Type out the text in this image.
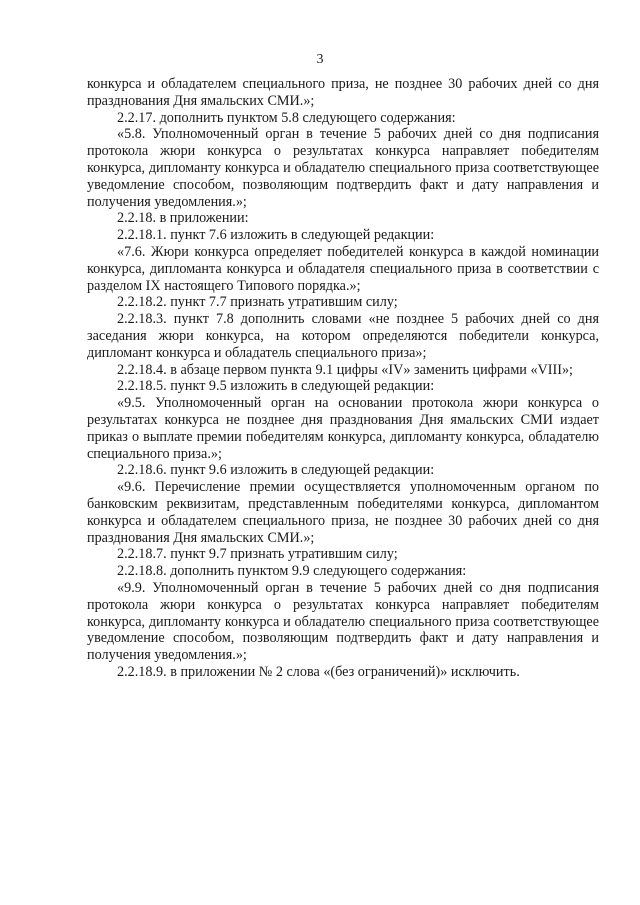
3

конкурса и обладателем специального приза, не позднее 30 рабочих дней со дня празднования Дня ямальских СМИ.»;

2.2.17. дополнить пунктом 5.8 следующего содержания:

«5.8. Уполномоченный орган в течение 5 рабочих дней со дня подписания протокола жюри конкурса о результатах конкурса направляет победителям конкурса, дипломанту конкурса и обладателю специального приза соответствующее уведомление способом, позволяющим подтвердить факт и дату направления и получения уведомления.»;

2.2.18. в приложении:

2.2.18.1. пункт 7.6 изложить в следующей редакции:

«7.6. Жюри конкурса определяет победителей конкурса в каждой номинации конкурса, дипломанта конкурса и обладателя специального приза в соответствии с разделом IX настоящего Типового порядка.»;

2.2.18.2. пункт 7.7 признать утратившим силу;

2.2.18.3. пункт 7.8 дополнить словами «не позднее 5 рабочих дней со дня заседания жюри конкурса, на котором определяются победители конкурса, дипломант конкурса и обладатель специального приза»;

2.2.18.4. в абзаце первом пункта 9.1 цифры «IV» заменить цифрами «VIII»;

2.2.18.5. пункт 9.5 изложить в следующей редакции:

«9.5. Уполномоченный орган на основании протокола жюри конкурса о результатах конкурса не позднее дня празднования Дня ямальских СМИ издает приказ о выплате премии победителям конкурса, дипломанту конкурса, обладателю специального приза.»;

2.2.18.6. пункт 9.6 изложить в следующей редакции:

«9.6. Перечисление премии осуществляется уполномоченным органом по банковским реквизитам, представленным победителями конкурса, дипломантом конкурса и обладателем специального приза, не позднее 30 рабочих дней со дня празднования Дня ямальских СМИ.»;

2.2.18.7. пункт 9.7 признать утратившим силу;

2.2.18.8. дополнить пунктом 9.9 следующего содержания:

«9.9. Уполномоченный орган в течение 5 рабочих дней со дня подписания протокола жюри конкурса о результатах конкурса направляет победителям конкурса, дипломанту конкурса и обладателю специального приза соответствующее уведомление способом, позволяющим подтвердить факт и дату направления и получения уведомления.»;

2.2.18.9. в приложении № 2 слова «(без ограничений)» исключить.
